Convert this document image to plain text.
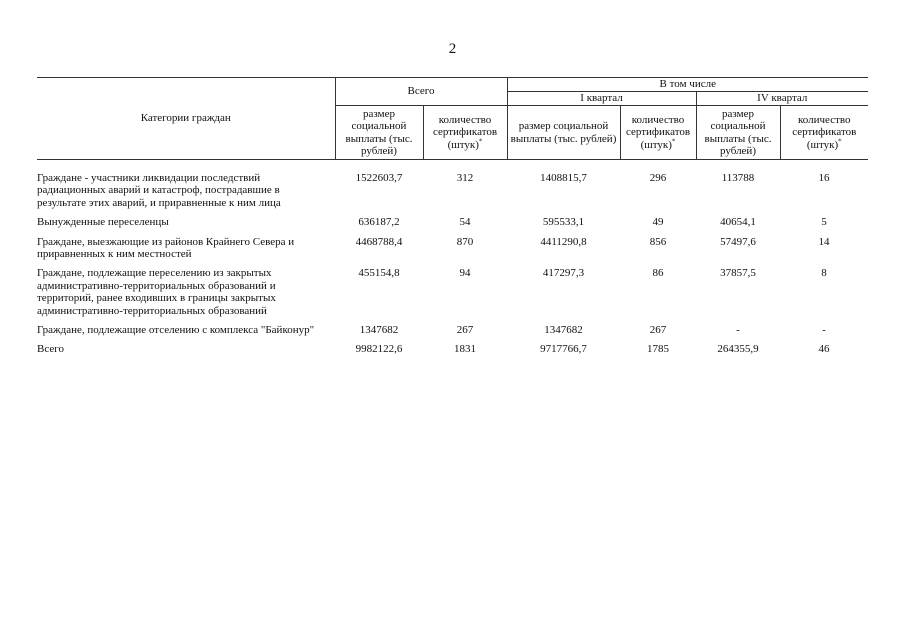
2
Категории граждан	Всего		В том числе			
			I квартал		IV квартал	
	размер социальной выплаты (тыс. рублей)	количество сертификатов (штук)*	размер социальной выплаты (тыс. рублей)	количество сертификатов (штук)*	размер социальной выплаты (тыс. рублей)	количество сертификатов (штук)*

Граждане - участники ликвидации последствий радиационных аварий и катастроф, пострадавшие в результате этих аварий, и приравненные к ним лица	1522603,7	312	1408815,7	296	113788	16
Вынужденные переселенцы	636187,2	54	595533,1	49	40654,1	5
Граждане, выезжающие из районов Крайнего Севера и приравненных к ним местностей	4468788,4	870	4411290,8	856	57497,6	14
Граждане, подлежащие переселению из закрытых административно-территориальных образований и территорий, ранее входивших в границы закрытых административно-территориальных образований	455154,8	94	417297,3	86	37857,5	8
Граждане, подлежащие отселению с комплекса "Байконур"	1347682	267	1347682	267	-	-
Всего	9982122,6	1831	9717766,7	1785	264355,9	46
